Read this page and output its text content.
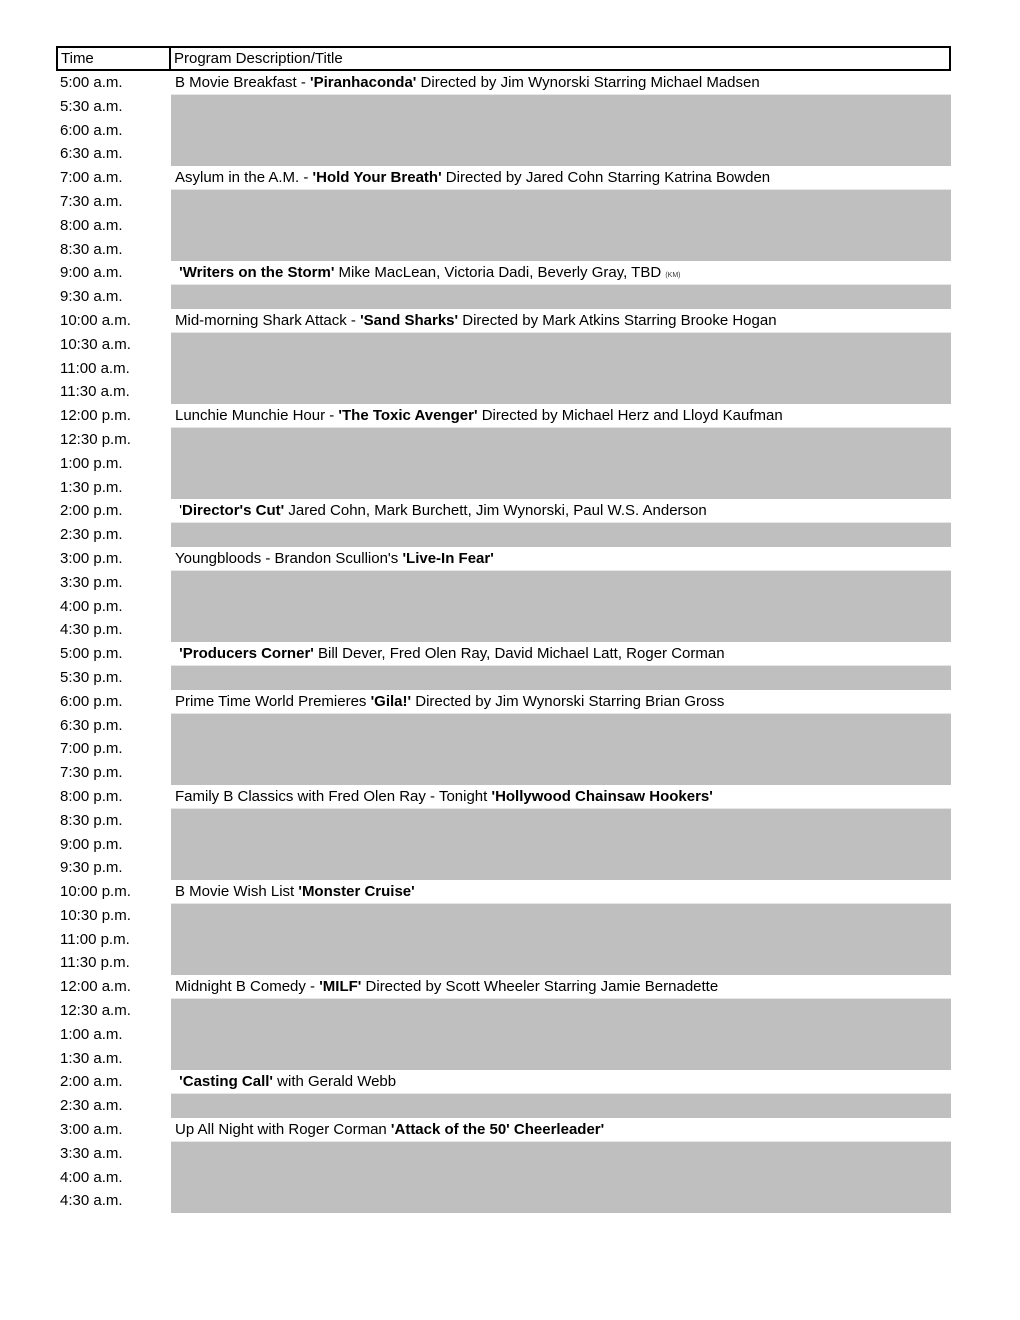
Time	Program Description/Title
5:00 a.m.	B Movie Breakfast - 'Piranhaconda' Directed by Jim Wynorski Starring Michael Madsen
5:30 a.m.
6:00 a.m.
6:30 a.m.
7:00 a.m.	Asylum in the A.M. - 'Hold Your Breath' Directed by Jared Cohn Starring Katrina Bowden
7:30 a.m.
8:00 a.m.
8:30 a.m.
9:00 a.m.	'Writers on the Storm' Mike MacLean, Victoria Dadi, Beverly Gray, TBD (KM)
9:30 a.m.
10:00 a.m.	Mid-morning Shark Attack - 'Sand Sharks' Directed by Mark Atkins Starring Brooke Hogan
10:30 a.m.
11:00 a.m.
11:30 a.m.
12:00 p.m.	Lunchie Munchie Hour - 'The Toxic Avenger' Directed by Michael Herz and Lloyd Kaufman
12:30 p.m.
1:00 p.m.
1:30 p.m.
2:00 p.m.	'Director's Cut' Jared Cohn, Mark Burchett, Jim Wynorski, Paul W.S. Anderson
2:30 p.m.
3:00 p.m.	Youngbloods - Brandon Scullion's 'Live-In Fear'
3:30 p.m.
4:00 p.m.
4:30 p.m.
5:00 p.m.	'Producers Corner' Bill Dever, Fred Olen Ray, David Michael Latt, Roger Corman
5:30 p.m.
6:00 p.m.	Prime Time World Premieres 'Gila!' Directed by Jim Wynorski Starring Brian Gross
6:30 p.m.
7:00 p.m.
7:30 p.m.
8:00 p.m.	Family B Classics with Fred Olen Ray - Tonight 'Hollywood Chainsaw Hookers'
8:30 p.m.
9:00 p.m.
9:30 p.m.
10:00 p.m.	B Movie Wish List 'Monster Cruise'
10:30 p.m.
11:00 p.m.
11:30 p.m.
12:00 a.m.	Midnight B Comedy - 'MILF' Directed by Scott Wheeler Starring Jamie Bernadette
12:30 a.m.
1:00 a.m.
1:30 a.m.
2:00 a.m.	'Casting Call' with Gerald Webb
2:30 a.m.
3:00 a.m.	Up All Night with Roger Corman 'Attack of the 50' Cheerleader'
3:30 a.m.
4:00 a.m.
4:30 a.m.
